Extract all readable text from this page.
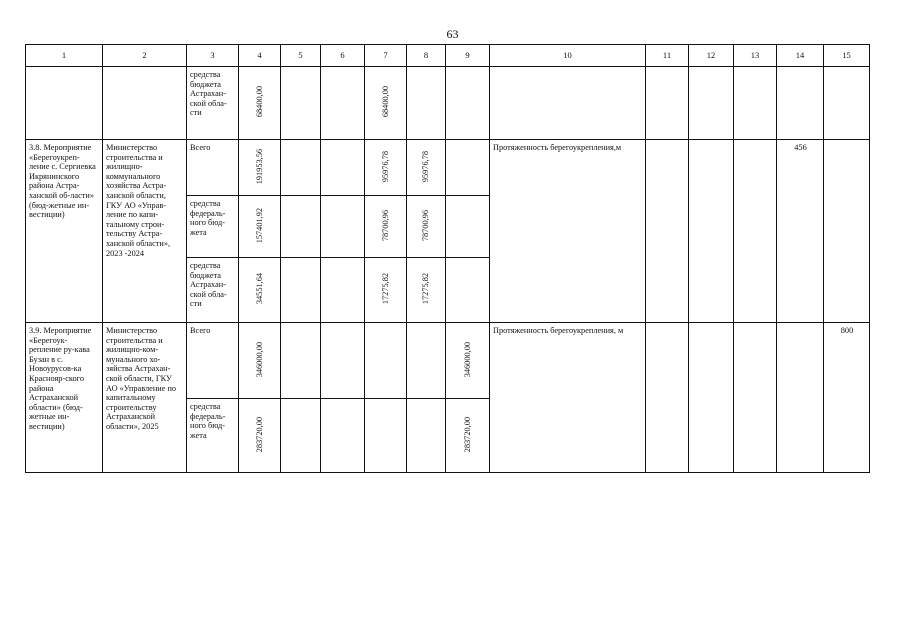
63
1	2	3	4	5	6	7	8	9	10	11	12	13	14	15
		средства бюджета Астрахан-ской обла-сти	68400,00			68400,00								
3.8. Мероприятие «Берегоукреп-ление с. Сергиевка Икрянинского района Астра-ханской об-ласти» (бюд-жетные ин-вестиции)	Министерство строительства и жилищно-коммунального хозяйства Астра-ханской области, ГКУ АО «Управ-ление по капи-тальному строи-тельству Астра-ханской области», 2023 -2024	Всего	191953,56			95976,78	95976,78		Протяженность берегоукрепления,м				456	
		средства федераль-ного бюд-жета	157401,92			78700,96	78700,96							
		средства бюджета Астрахан-ской обла-сти	34551,64			17275,82	17275,82							
3.9. Мероприятие «Берегоук-репление ру-кава Бузан в с. Новоурусов-ка Краснояр-ского района Астраханской области» (бюд-жетные ин-вестиции)	Министерство строительства и жилищно-ком-мунального хо-зяйства Астрахан-ской области, ГКУ АО «Управление по капитальному строительству Астраханской области», 2025	Всего	346000,00					346000,00	Протяженность берегоукрепления, м					800
		средства федераль-ного бюд-жета	283720,00					283720,00						
